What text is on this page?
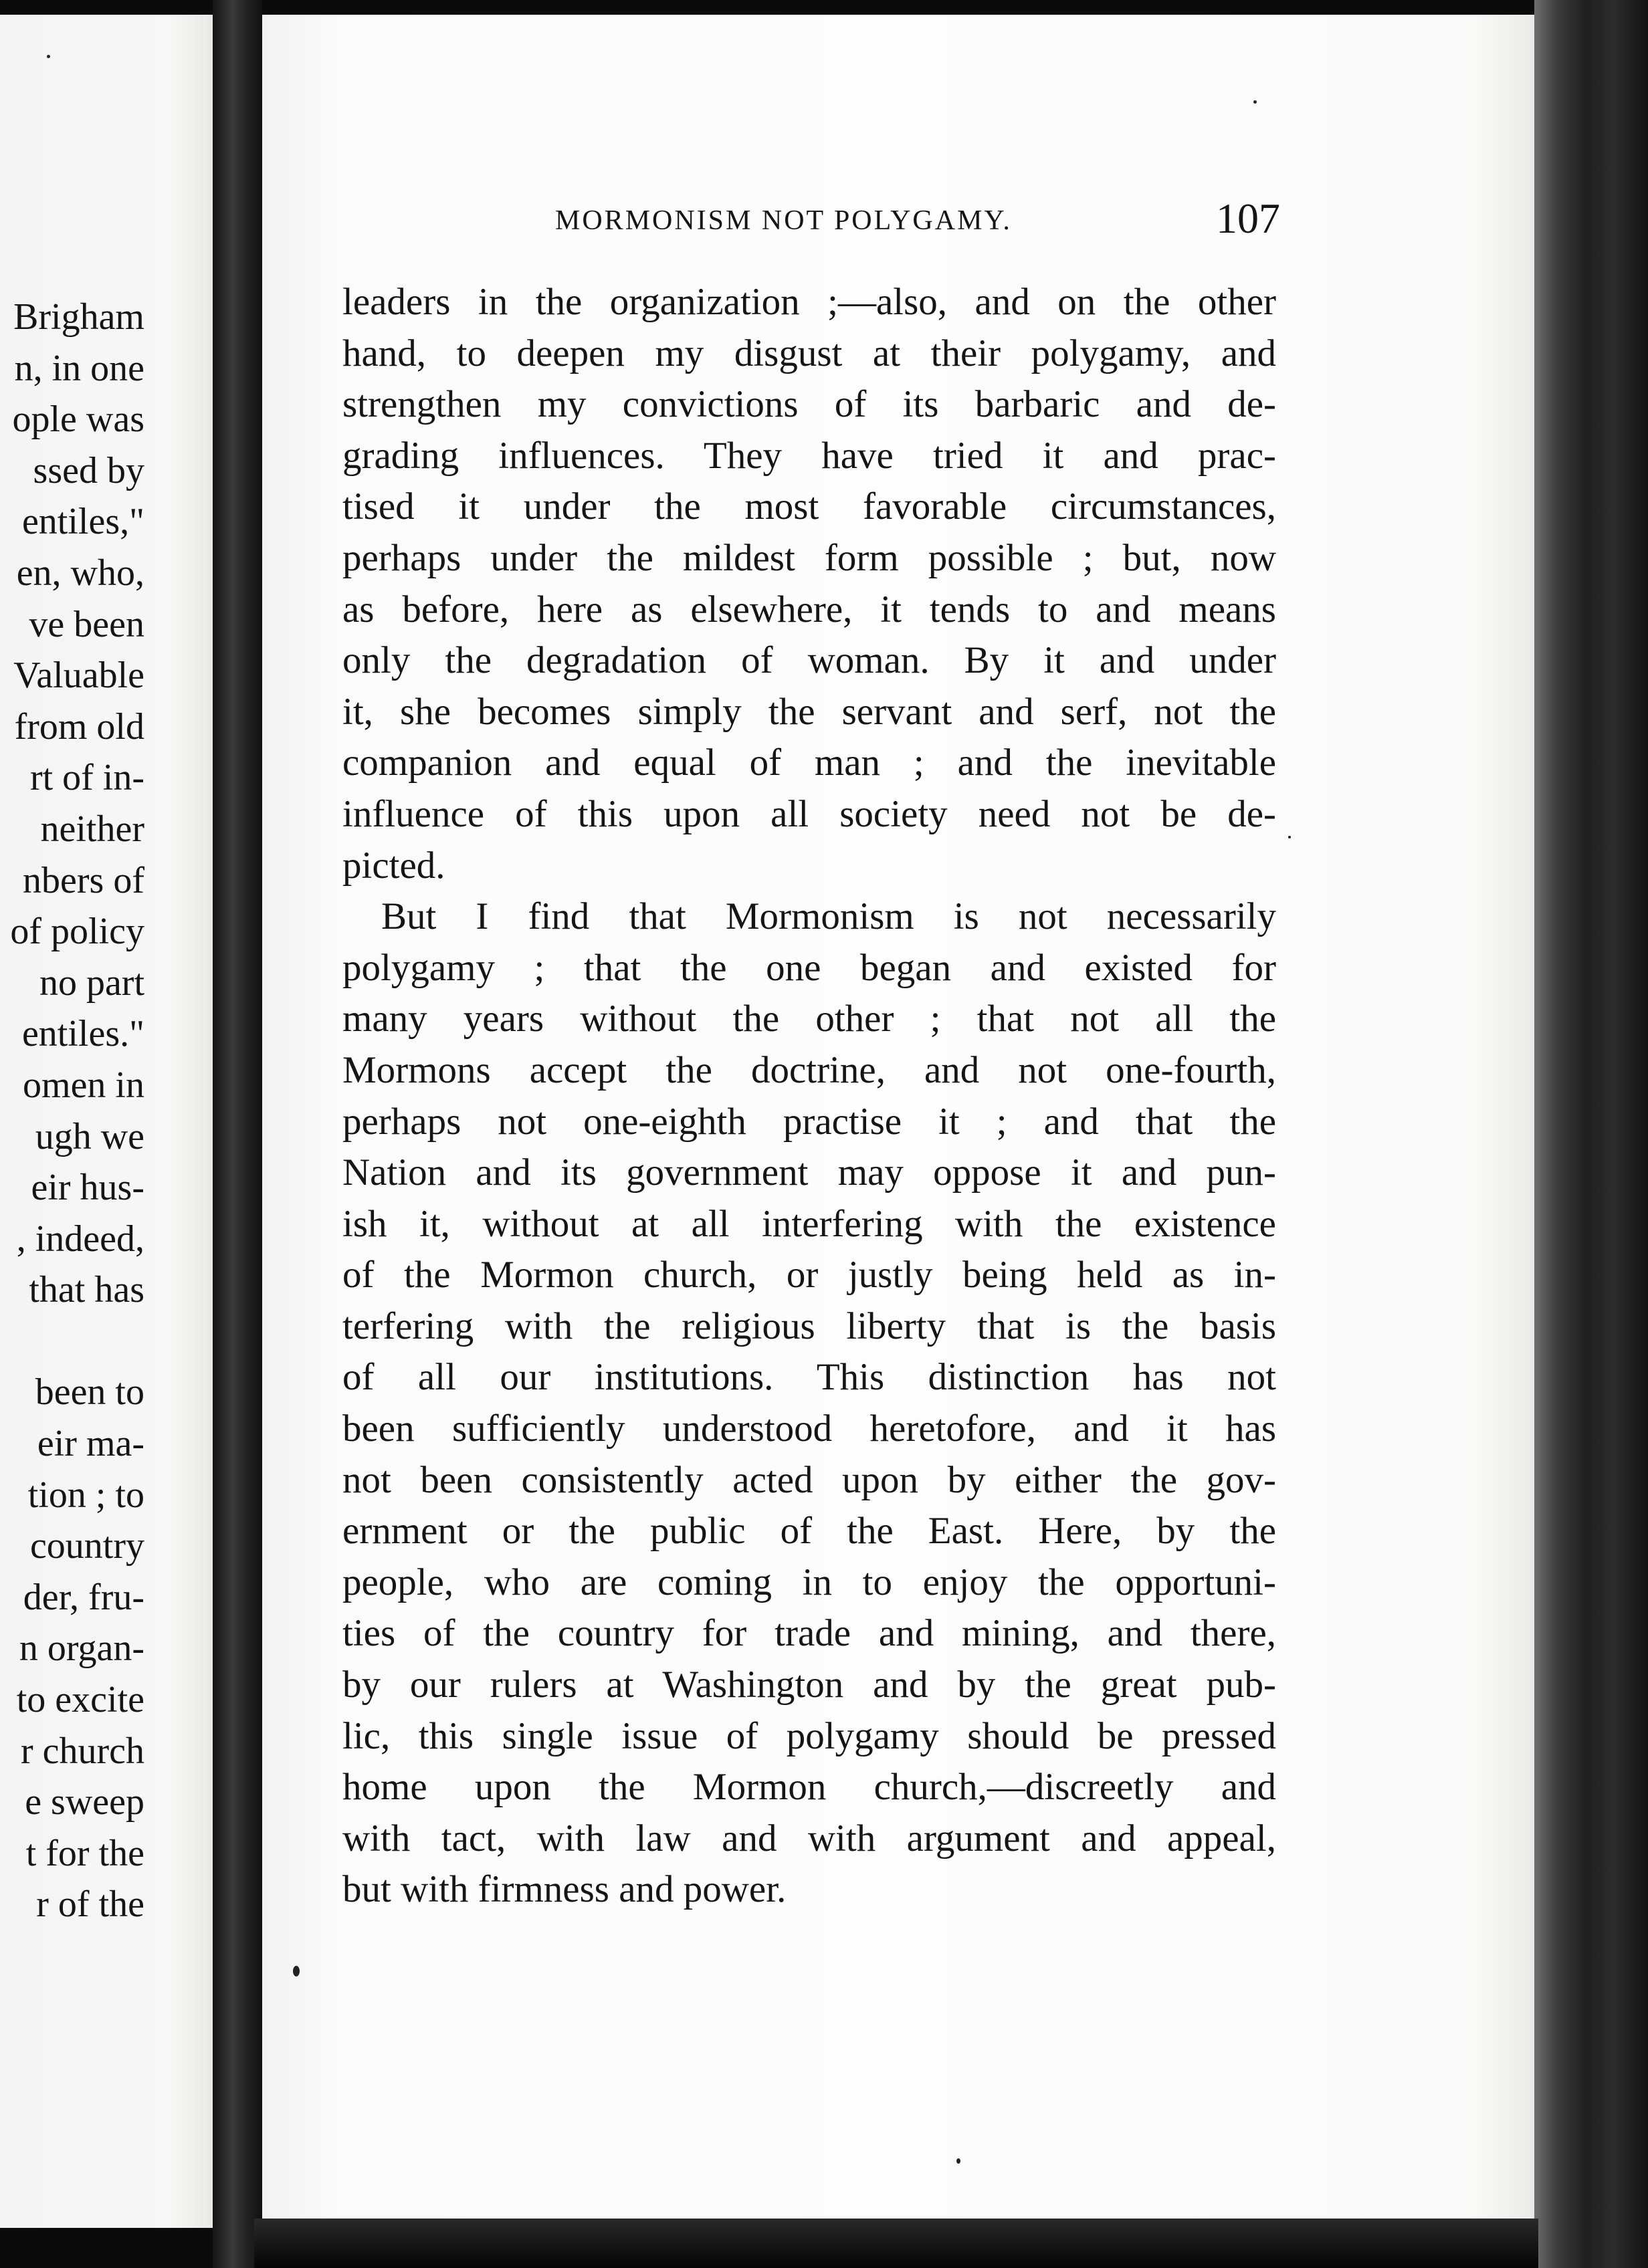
Brigham
n, in one
ople was
ssed by
entiles,"
en, who,
ve been
Valuable
from old
rt of in-
neither
nbers of
of policy
no part
entiles."
omen in
ugh we
eir hus-
, indeed,
that has
been to
eir ma-
tion ; to
country
der, fru-
n organ-
to excite
r church
e sweep
t for the
r of the
MORMONISM NOT POLYGAMY.	107
leaders in the organization ;—also, and on the other
hand, to deepen my disgust at their polygamy, and
strengthen my convictions of its barbaric and de-
grading influences. They have tried it and prac-
tised it under the most favorable circumstances,
perhaps under the mildest form possible ; but, now
as before, here as elsewhere, it tends to and means
only the degradation of woman. By it and under
it, she becomes simply the servant and serf, not the
companion and equal of man ; and the inevitable
influence of this upon all society need not be de-
picted.
But I find that Mormonism is not necessarily
polygamy ; that the one began and existed for
many years without the other ; that not all the
Mormons accept the doctrine, and not one-fourth,
perhaps not one-eighth practise it ; and that the
Nation and its government may oppose it and pun-
ish it, without at all interfering with the existence
of the Mormon church, or justly being held as in-
terfering with the religious liberty that is the basis
of all our institutions. This distinction has not
been sufficiently understood heretofore, and it has
not been consistently acted upon by either the gov-
ernment or the public of the East. Here, by the
people, who are coming in to enjoy the opportuni-
ties of the country for trade and mining, and there,
by our rulers at Washington and by the great pub-
lic, this single issue of polygamy should be pressed
home upon the Mormon church,—discreetly and
with tact, with law and with argument and appeal,
but with firmness and power.
